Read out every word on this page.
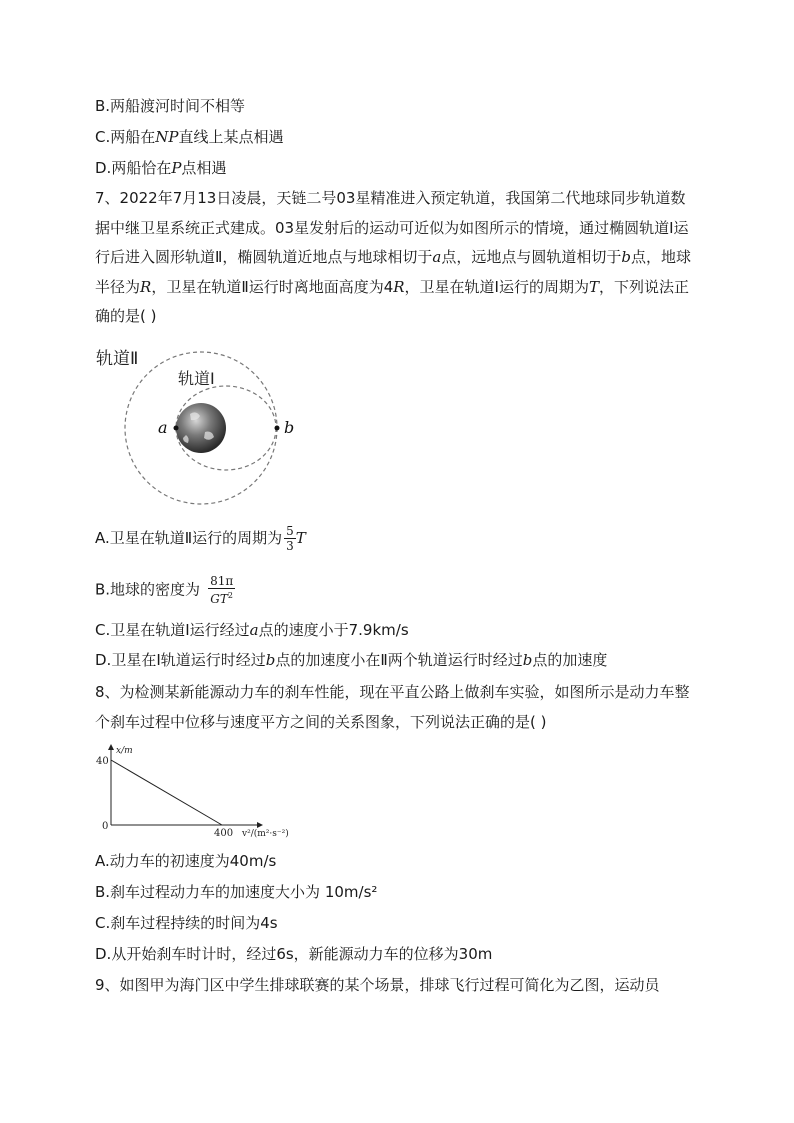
B.两船渡河时间不相等
C.两船在NP直线上某点相遇
D.两船恰在P点相遇
7、2022年7月13日凌晨，天链二号03星精准进入预定轨道，我国第二代地球同步轨道数据中继卫星系统正式建成。03星发射后的运动可近似为如图所示的情境，通过椭圆轨道Ⅰ运行后进入圆形轨道Ⅱ，椭圆轨道近地点与地球相切于a点，远地点与圆轨道相切于b点，地球半径为R，卫星在轨道Ⅱ运行时离地面高度为4R，卫星在轨道Ⅰ运行的周期为T，下列说法正确的是( )
轨道Ⅱ
轨道Ⅰ
a	b
A.卫星在轨道Ⅱ运行的周期为 $\frac{5}{3}$ T
B.地球的密度为 $\frac{81\pi}{GT^2}$
C.卫星在轨道Ⅰ运行经过a点的速度小于7.9km/s
D.卫星在Ⅰ轨道运行时经过b点的加速度小在Ⅱ两个轨道运行时经过b点的加速度
8、为检测某新能源动力车的刹车性能，现在平直公路上做刹车实验，如图所示是动力车整个刹车过程中位移与速度平方之间的关系图象，下列说法正确的是( )
x/m
v²/(m²·s⁻²)
40
0
400
A.动力车的初速度为40m/s
B.刹车过程动力车的加速度大小为 10m/s²
C.刹车过程持续的时间为4s
D.从开始刹车时计时，经过6s，新能源动力车的位移为30m
9、如图甲为海门区中学生排球联赛的某个场景，排球飞行过程可简化为乙图，运动员
